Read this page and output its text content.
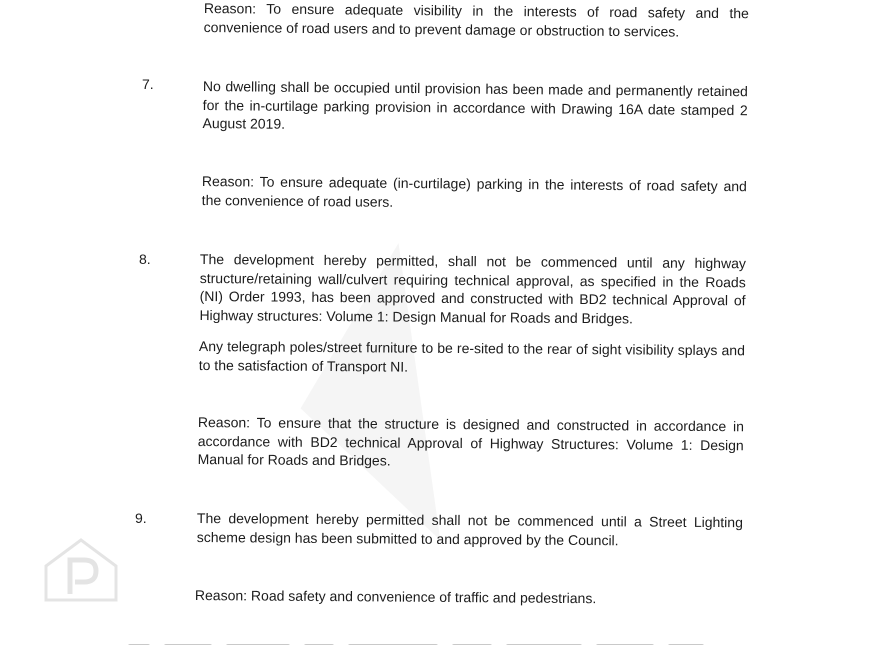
Reason: To ensure adequate visibility in the interests of road safety and the convenience of road users and to prevent damage or obstruction to services.

7.	No dwelling shall be occupied until provision has been made and permanently retained for the in-curtilage parking provision in accordance with Drawing 16A date stamped 2 August 2019.

Reason: To ensure adequate (in-curtilage) parking in the interests of road safety and the convenience of road users.

8.	The development hereby permitted, shall not be commenced until any highway structure/retaining wall/culvert requiring technical approval, as specified in the Roads (NI) Order 1993, has been approved and constructed with BD2 technical Approval of Highway structures: Volume 1: Design Manual for Roads and Bridges.

Any telegraph poles/street furniture to be re-sited to the rear of sight visibility splays and to the satisfaction of Transport NI.

Reason: To ensure that the structure is designed and constructed in accordance in accordance with BD2 technical Approval of Highway Structures: Volume 1: Design Manual for Roads and Bridges.

9.	The development hereby permitted shall not be commenced until a Street Lighting scheme design has been submitted to and approved by the Council.

Reason: Road safety and convenience of traffic and pedestrians.
